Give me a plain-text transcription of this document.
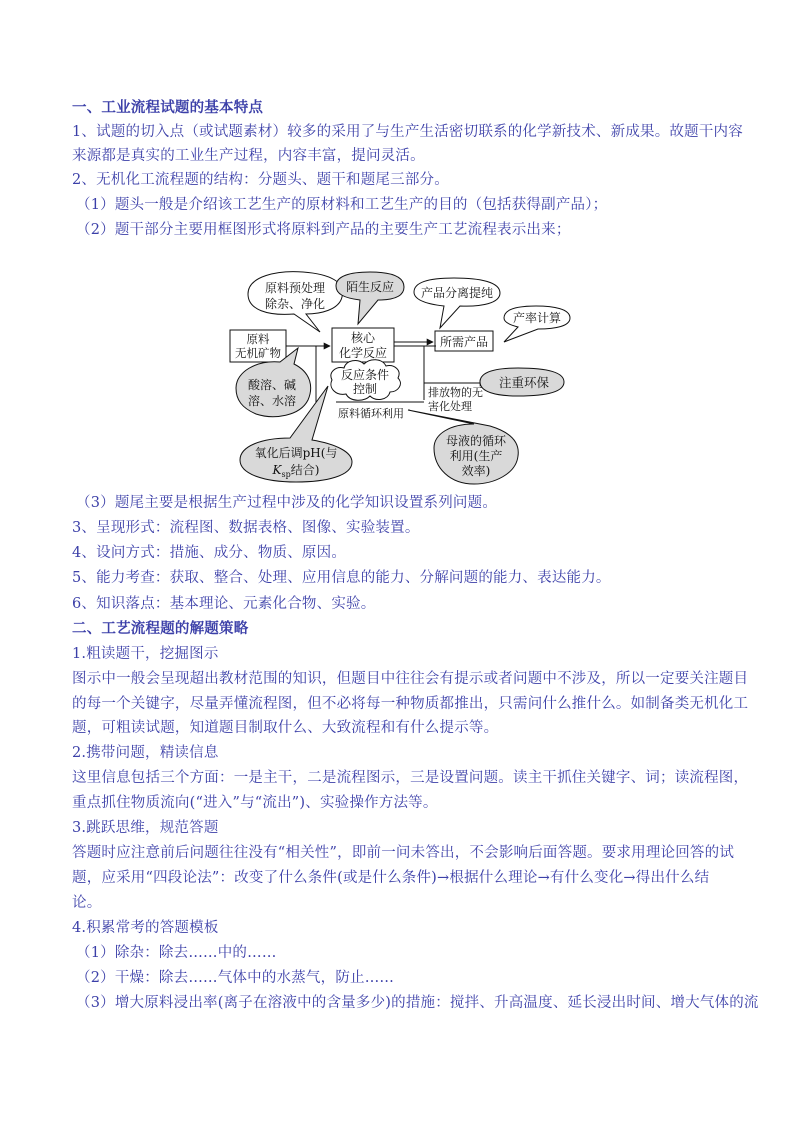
一、工业流程试题的基本特点
1、试题的切入点（或试题素材）较多的采用了与生产生活密切联系的化学新技术、新成果。故题干内容
来源都是真实的工业生产过程，内容丰富，提问灵活。
2、无机化工流程题的结构：分题头、题干和题尾三部分。
（1）题头一般是介绍该工艺生产的原材料和工艺生产的目的（包括获得副产品）；
（2）题干部分主要用框图形式将原料到产品的主要生产工艺流程表示出来；
原料
无机矿物
核心
化学反应
所需产品
原料预处理
除杂、净化
酸溶、碱
溶、水溶
陌生反应 产品分离提纯
产率计算
反应条件
控制	注重环保
排放物的无
害化处理
原料循环利用
氧化后调pH(与
$K_{sp}$结合)
母液的循环
利用(生产
效率)
（3）题尾主要是根据生产过程中涉及的化学知识设置系列问题。
3、呈现形式：流程图、数据表格、图像、实验装置。
4、设问方式：措施、成分、物质、原因。
5、能力考查：获取、整合、处理、应用信息的能力、分解问题的能力、表达能力。
6、知识落点：基本理论、元素化合物、实验。
二、工艺流程题的解题策略
1.粗读题干，挖掘图示
图示中一般会呈现超出教材范围的知识，但题目中往往会有提示或者问题中不涉及，所以一定要关注题目
的每一个关键字，尽量弄懂流程图，但不必将每一种物质都推出，只需问什么推什么。如制备类无机化工
题，可粗读试题，知道题目制取什么、大致流程和有什么提示等。
2.携带问题，精读信息
这里信息包括三个方面：一是主干，二是流程图示，三是设置问题。读主干抓住关键字、词；读流程图，
重点抓住物质流向(“进入”与“流出”)、实验操作方法等。
3.跳跃思维，规范答题
答题时应注意前后问题往往没有“相关性”，即前一问未答出，不会影响后面答题。要求用理论回答的试
题，应采用“四段论法”：改变了什么条件(或是什么条件)→根据什么理论→有什么变化→得出什么结
论。
4.积累常考的答题模板
（1）除杂：除去……中的……
（2）干燥：除去……气体中的水蒸气，防止……
（3）增大原料浸出率(离子在溶液中的含量多少)的措施：搅拌、升高温度、延长浸出时间、增大气体的流
